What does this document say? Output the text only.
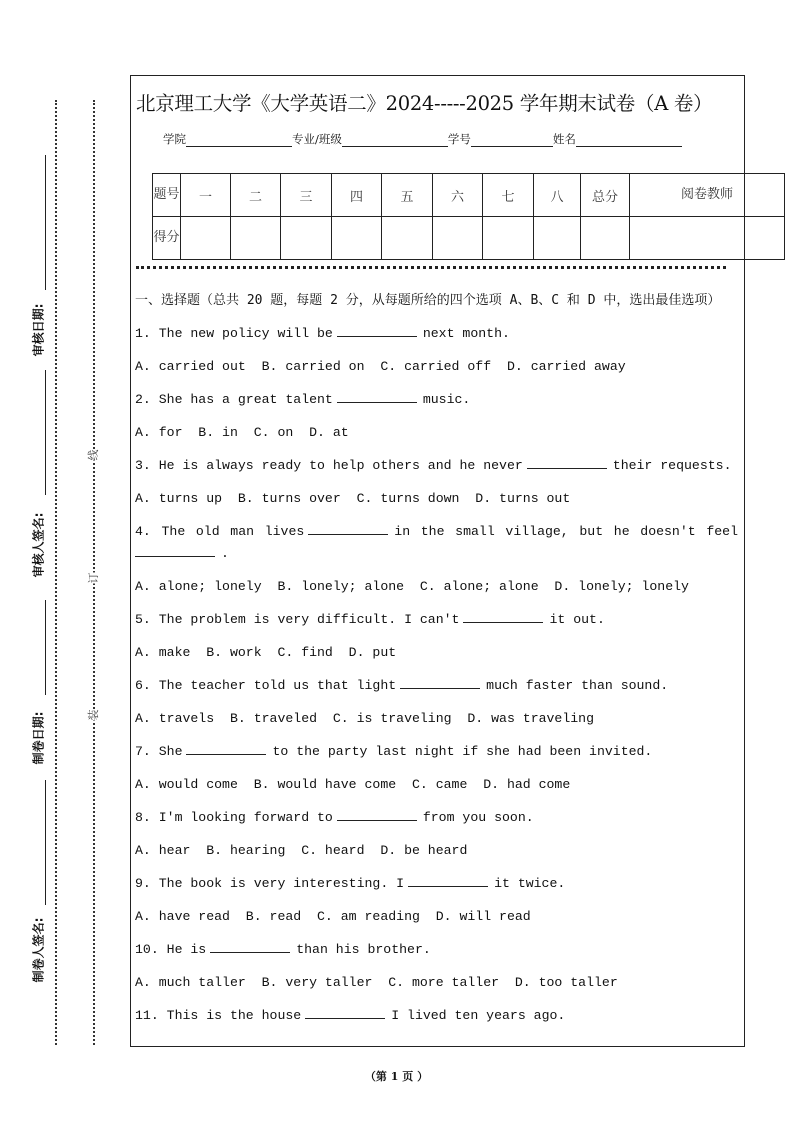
审核日期:
审核人签名:
制卷日期:
制卷人签名:
线
订
装
北京理工大学《大学英语二》2024-----2025 学年期末试卷（A 卷）
学院	专业/班级	学号	姓名
题号	一	二	三	四	五	六	七	八	总分	阅卷教师
得分										
一、选择题（总共 20 题，每题 2 分，从每题所给的四个选项 A、B、C 和 D 中，选出最佳选项）
1. The new policy will be	next month.
A. carried out  B. carried on  C. carried off  D. carried away
2. She has a great talent	music.
A. for  B. in  C. on  D. at
3. He is always ready to help others and he never	their requests.
A. turns up  B. turns over  C. turns down  D. turns out
4. The old man lives	in the small village, but he doesn't feel .
A. alone; lonely  B. lonely; alone  C. alone; alone  D. lonely; lonely
5. The problem is very difficult. I can't	it out.
A. make  B. work  C. find  D. put
6. The teacher told us that light	much faster than sound.
A. travels  B. traveled  C. is traveling  D. was traveling
7. She	to the party last night if she had been invited.
A. would come  B. would have come  C. came  D. had come
8. I'm looking forward to	from you soon.
A. hear  B. hearing  C. heard  D. be heard
9. The book is very interesting. I	it twice.
A. have read  B. read  C. am reading  D. will read
10. He is	than his brother.
A. much taller  B. very taller  C. more taller  D. too taller
11. This is the house	I lived ten years ago.
（第 1 页 ）
